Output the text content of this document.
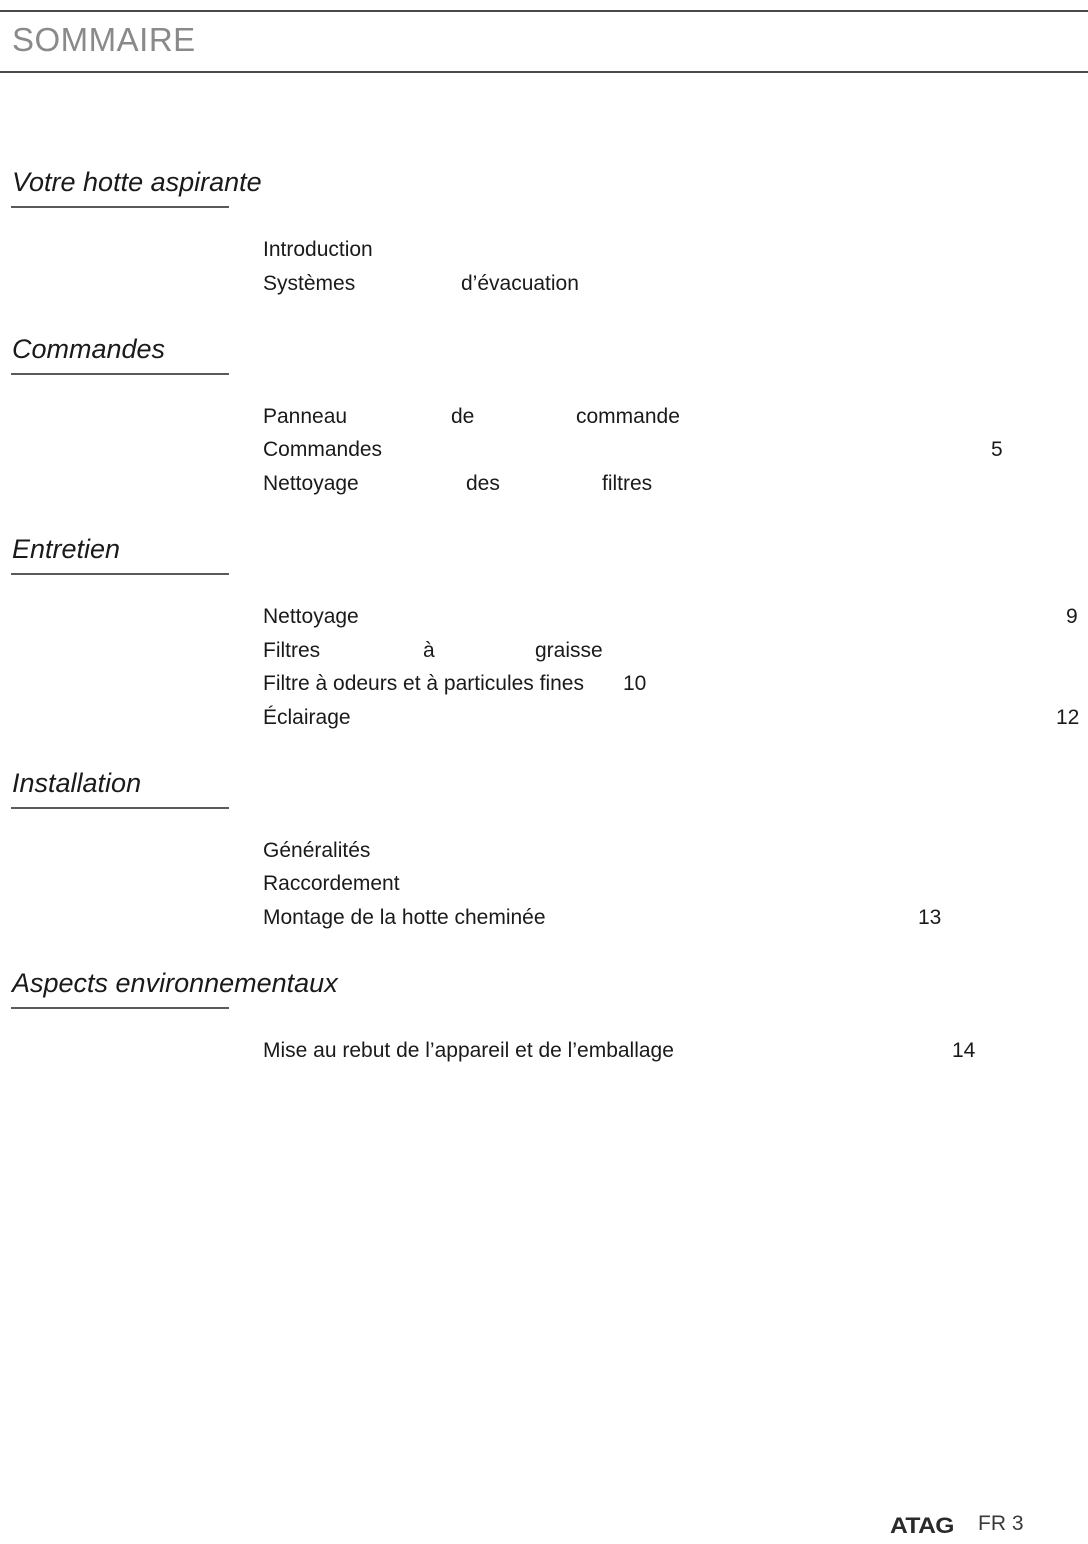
SOMMAIRE
Votre hotte aspirante
Introduction
Systèmes	d’évacuation
Commandes
Panneau	de	commande
Commandes	5
Nettoyage	des	filtres
Entretien
Nettoyage	9
Filtres	à	graisse
Filtre à odeurs et à particules fines 10
Éclairage	12
Installation
Généralités
Raccordement
Montage de la hotte cheminée	13
Aspects environnementaux
Mise au rebut de l’appareil et de l’emballage	14
ATAG FR 3
